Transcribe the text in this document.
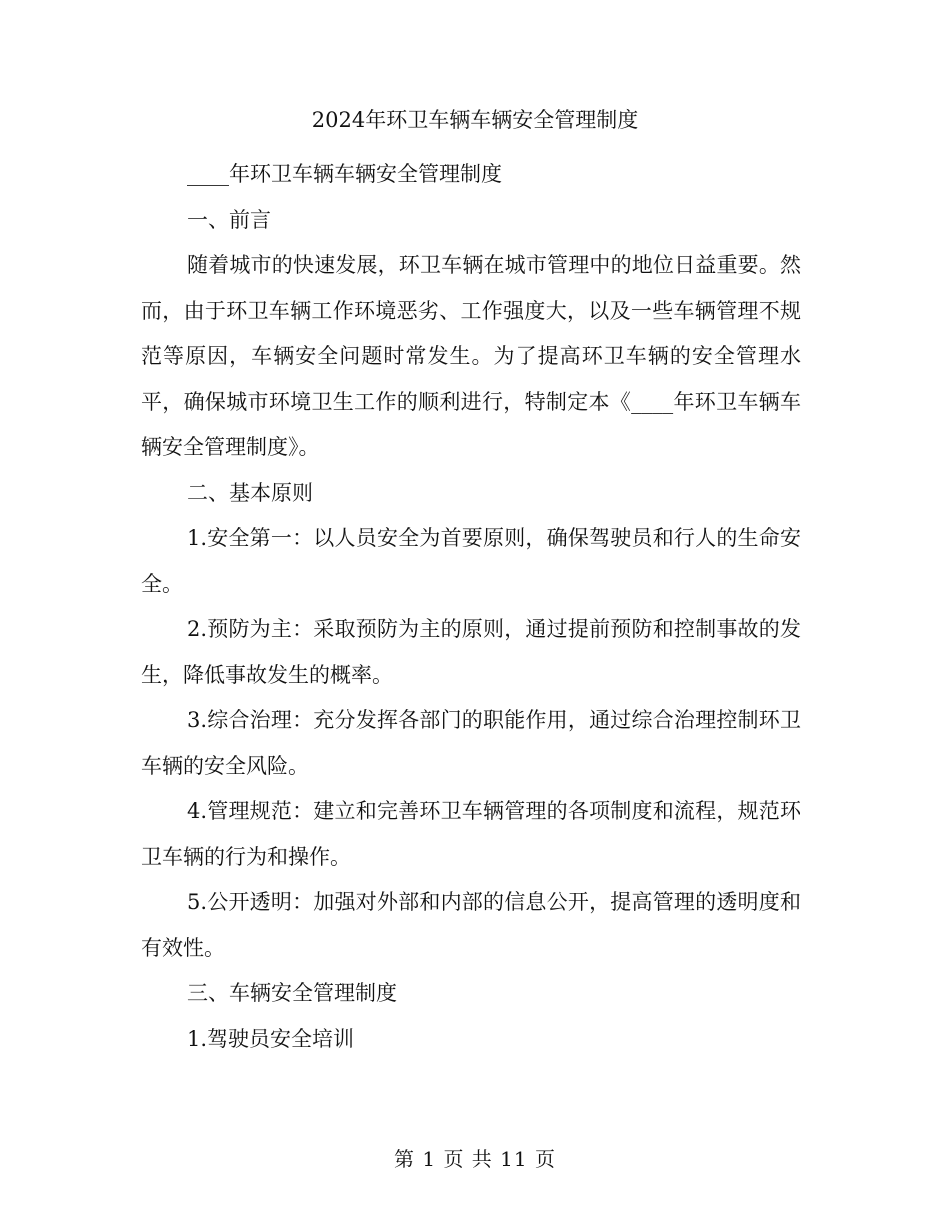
2024年环卫车辆车辆安全管理制度

____年环卫车辆车辆安全管理制度

一、前言

随着城市的快速发展，环卫车辆在城市管理中的地位日益重要。然而，由于环卫车辆工作环境恶劣、工作强度大，以及一些车辆管理不规范等原因，车辆安全问题时常发生。为了提高环卫车辆的安全管理水平，确保城市环境卫生工作的顺利进行，特制定本《____年环卫车辆车辆安全管理制度》。

二、基本原则

1.安全第一：以人员安全为首要原则，确保驾驶员和行人的生命安全。

2.预防为主：采取预防为主的原则，通过提前预防和控制事故的发生，降低事故发生的概率。

3.综合治理：充分发挥各部门的职能作用，通过综合治理控制环卫车辆的安全风险。

4.管理规范：建立和完善环卫车辆管理的各项制度和流程，规范环卫车辆的行为和操作。

5.公开透明：加强对外部和内部的信息公开，提高管理的透明度和有效性。

三、车辆安全管理制度

1.驾驶员安全培训

第 1 页 共 11 页
